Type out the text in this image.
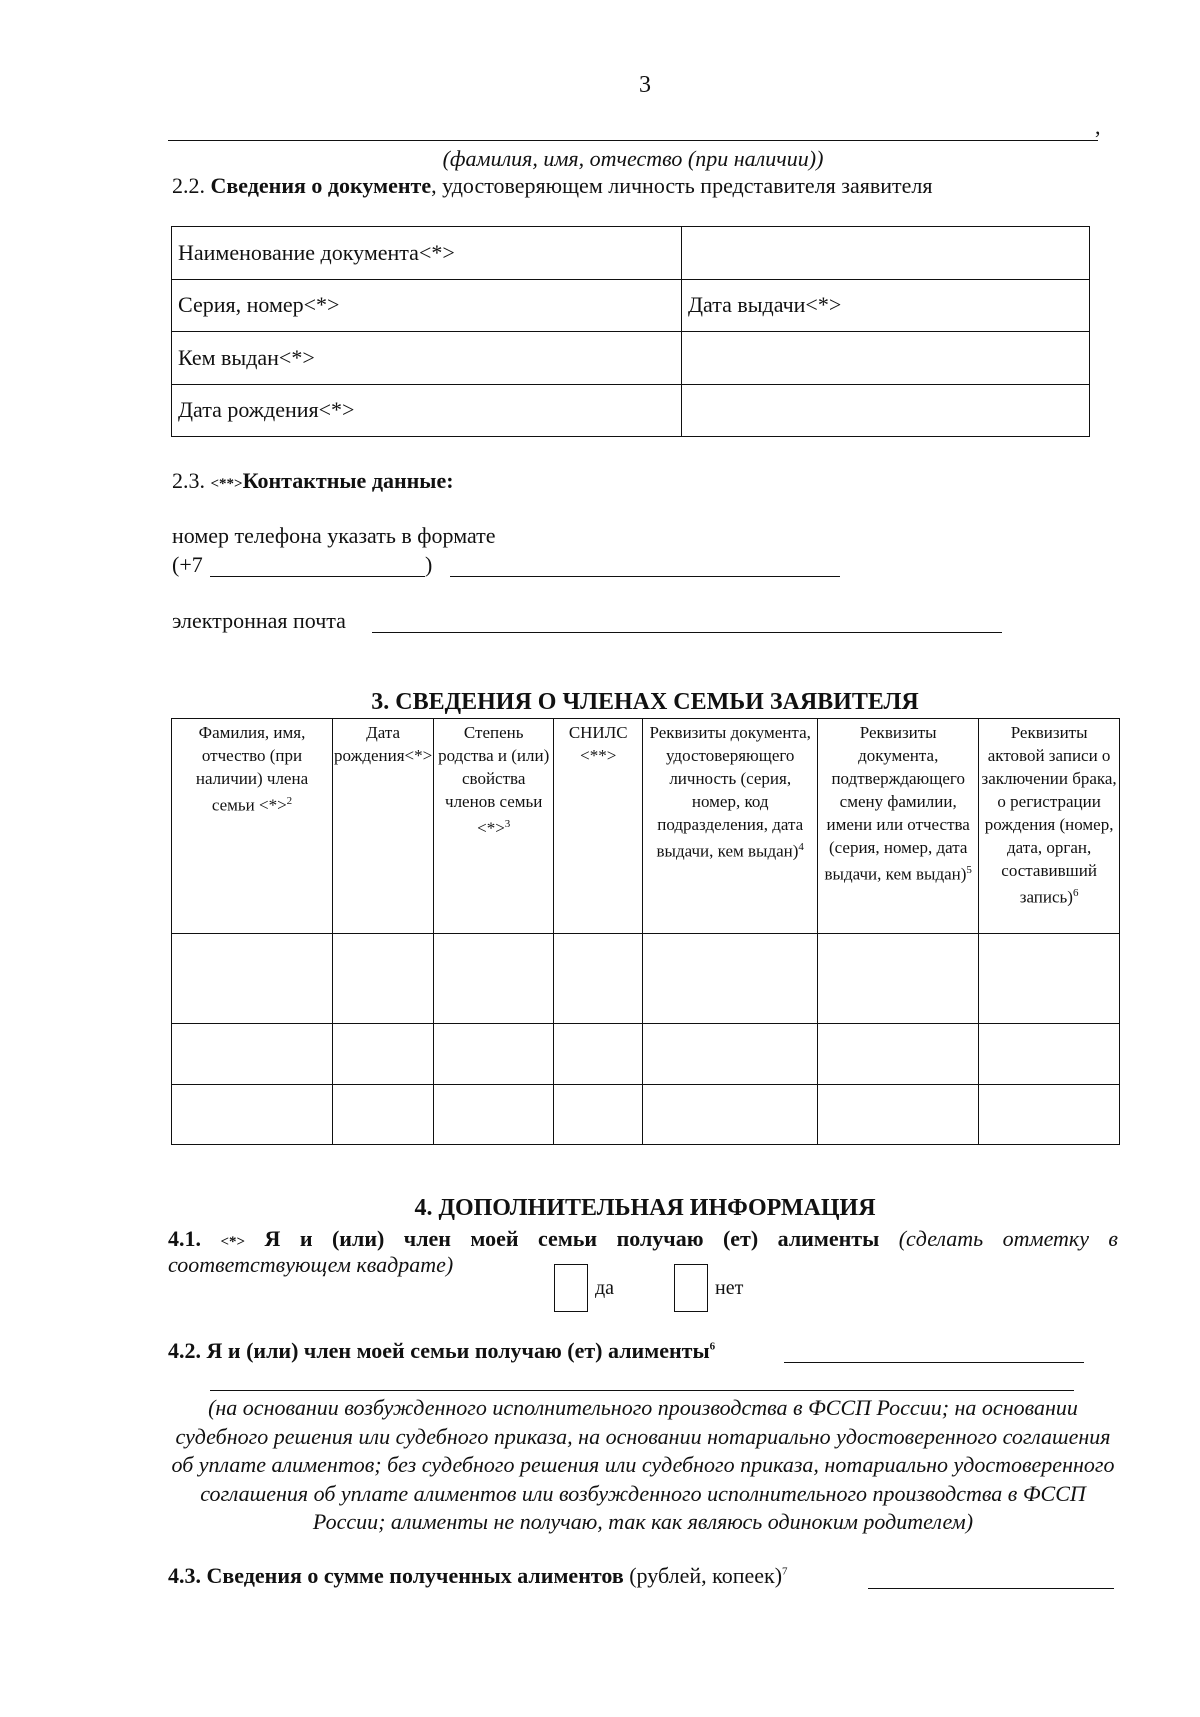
3
,
(фамилия, имя, отчество (при наличии))
2.2. Сведения о документе, удостоверяющем личность представителя заявителя
Наименование документа<*>	
Серия, номер<*>	Дата выдачи<*>
Кем выдан<*>	
Дата рождения<*>	
2.3. <**>Контактные данные:
номер телефона указать в формате
(+7	)
электронная почта
3. СВЕДЕНИЯ О ЧЛЕНАХ СЕМЬИ ЗАЯВИТЕЛЯ
Фамилия, имя, отчество (при наличии) члена семьи <*>$^2$	Дата рождения<*>	Степень родства и (или) свойства членов семьи <*>$^3$	СНИЛС <**>	Реквизиты документа, удостоверяющего личность (серия, номер, код подразделения, дата выдачи, кем выдан)$^4$	Реквизиты документа, подтверждающего смену фамилии, имени или отчества (серия, номер, дата выдачи, кем выдан)$^5$	Реквизиты актовой записи о заключении брака, о регистрации рождения (номер, дата, орган, составивший запись)$^6$

4. ДОПОЛНИТЕЛЬНАЯ ИНФОРМАЦИЯ
4.1. <*> Я и (или) член моей семьи получаю (ет) алименты (сделать отметку в
соответствующем квадрате)
да	нет
4.2. Я и (или) член моей семьи получаю (ет) алименты$^6$
(на основании возбужденного исполнительного производства в ФССП России; на основании судебного решения или судебного приказа, на основании нотариально удостоверенного соглашения об уплате алиментов; без судебного решения или судебного приказа, нотариально удостоверенного соглашения об уплате алиментов или возбужденного исполнительного производства в ФССП России; алименты не получаю, так как являюсь одиноким родителем)
4.3. Сведения о сумме полученных алиментов (рублей, копеек)$^7$
